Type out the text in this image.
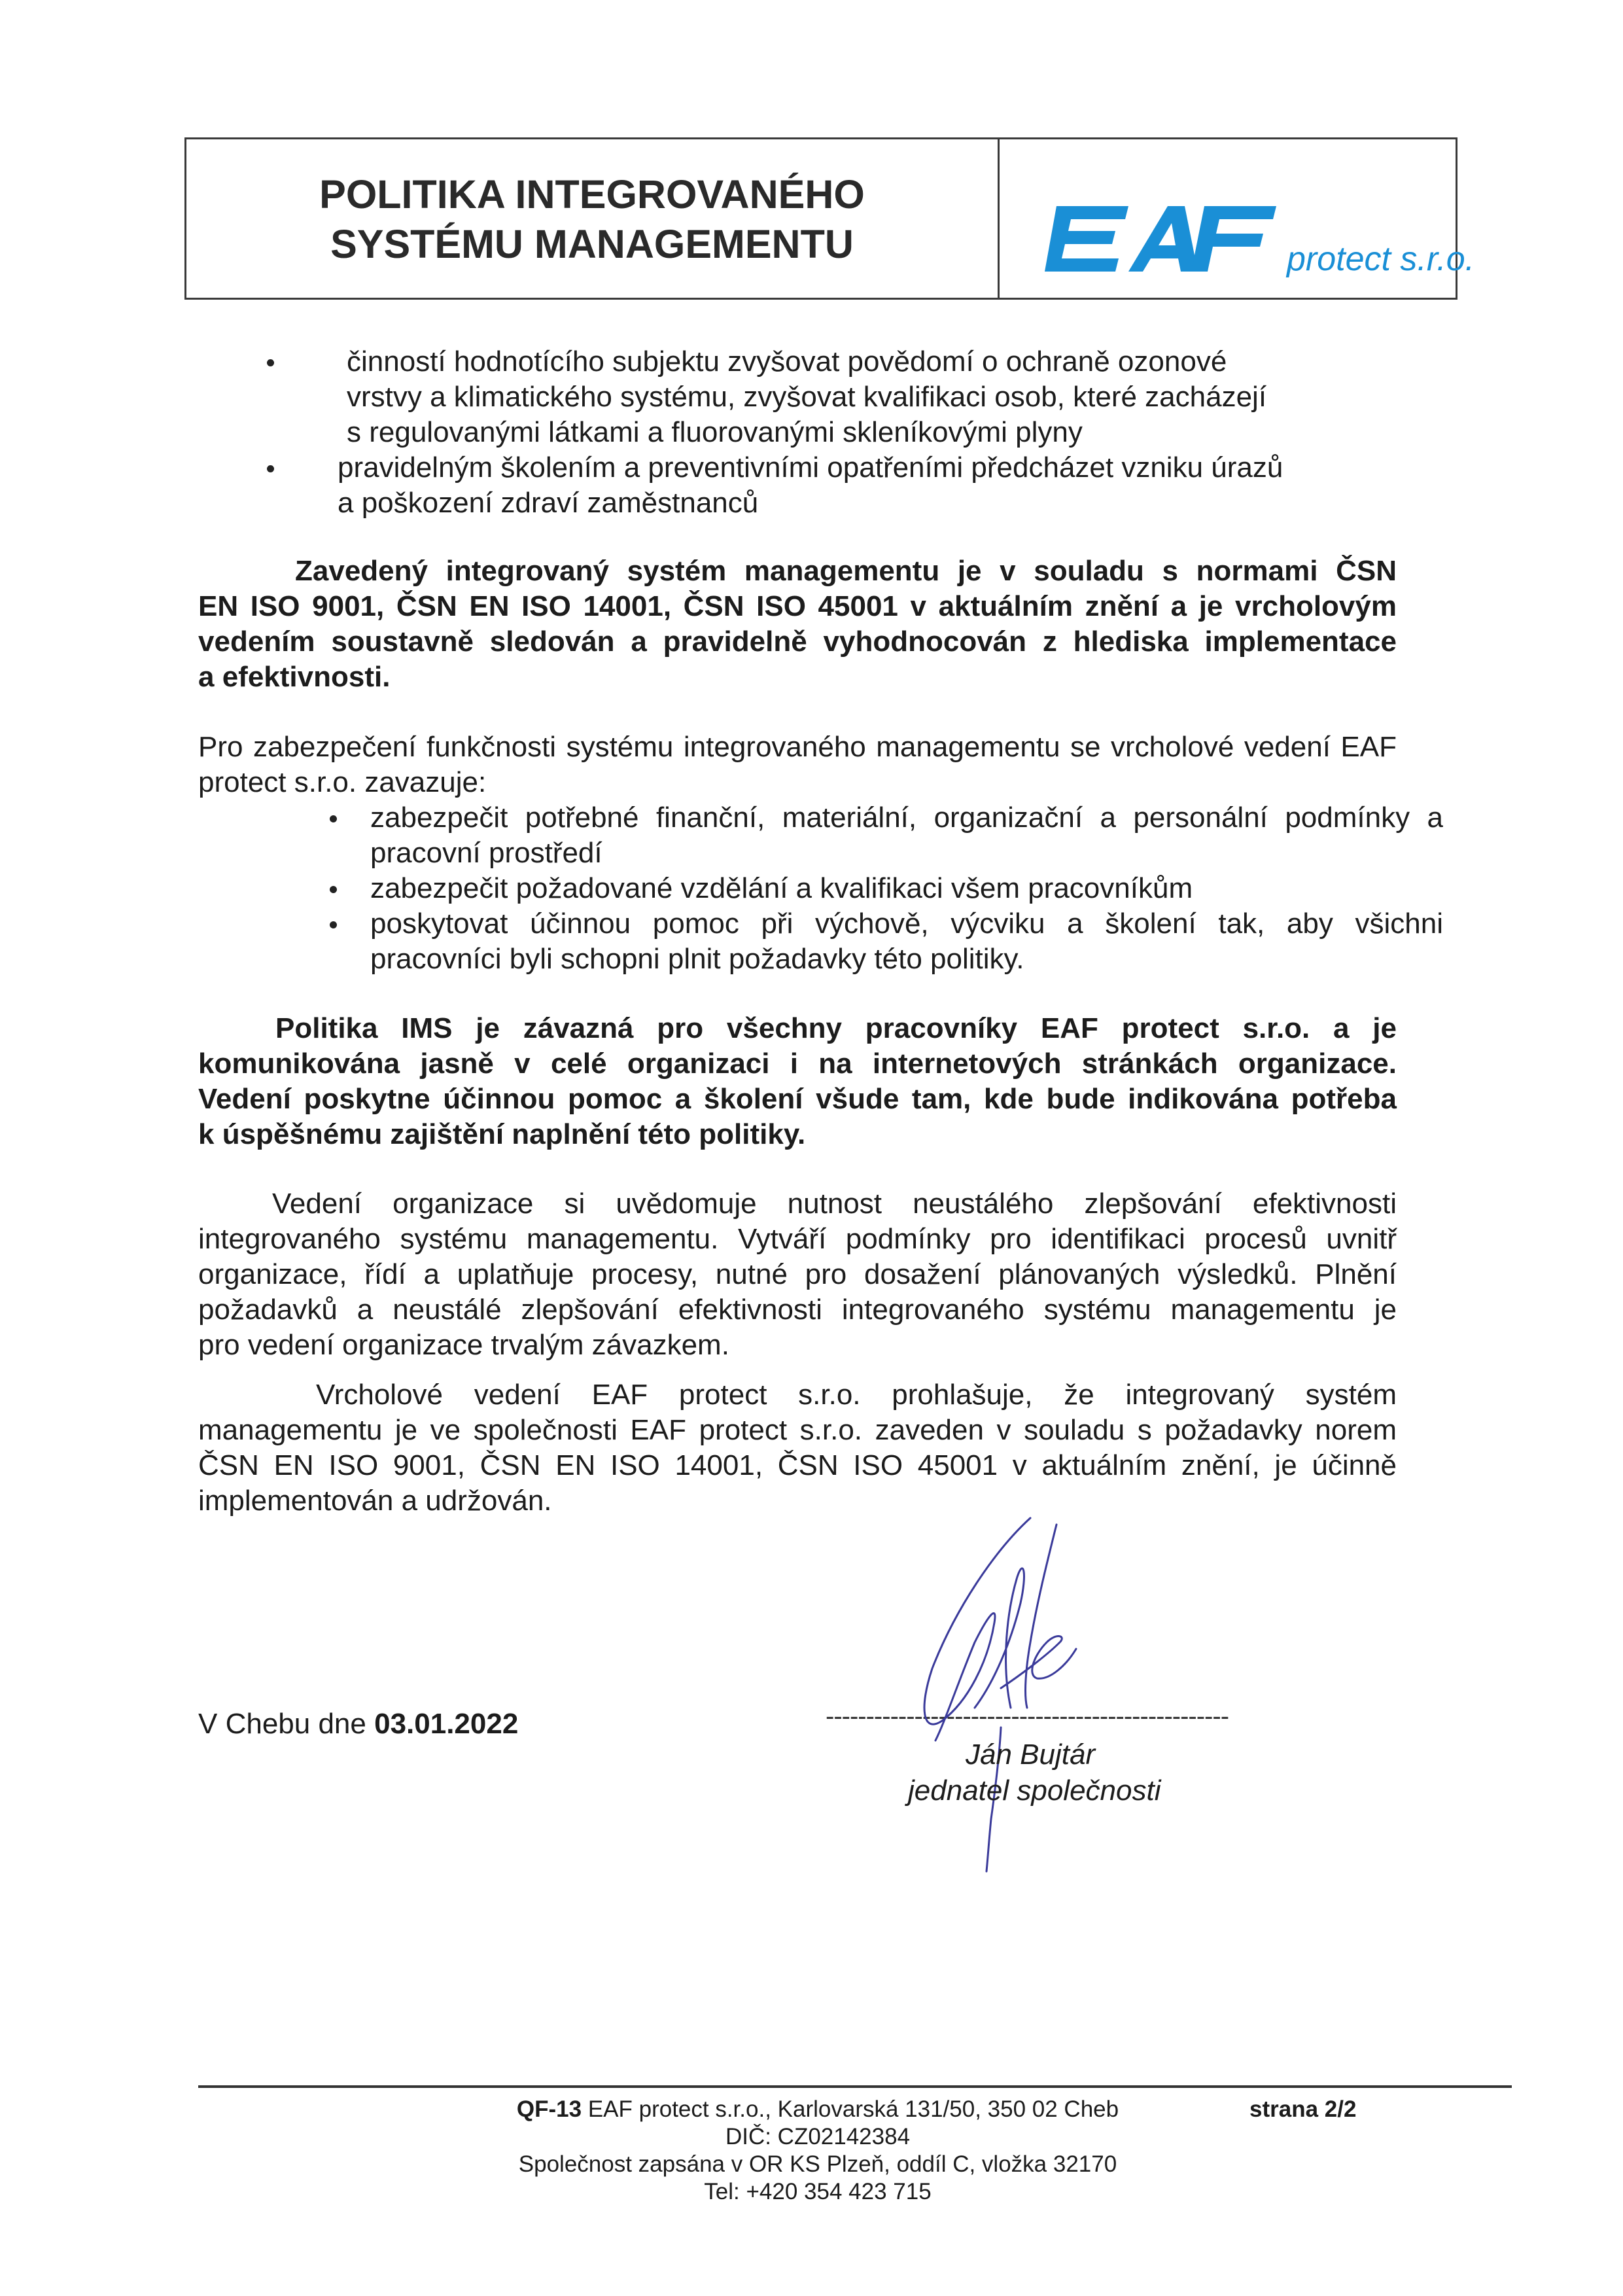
POLITIKA INTEGROVANÉHO
SYSTÉMU MANAGEMENTU	protect s.r.o.
činností hodnotícího subjektu zvyšovat povědomí o ochraně ozonové
vrstvy a klimatického systému, zvyšovat kvalifikaci osob, které zacházejí
s regulovanými látkami a fluorovanými skleníkovými plyny
pravidelným školením a preventivními opatřeními předcházet vzniku úrazů
a poškození zdraví zaměstnanců
Zavedený integrovaný systém managementu je v souladu s normami ČSN
EN ISO 9001, ČSN EN ISO 14001, ČSN ISO 45001 v aktuálním znění a je vrcholovým
vedením soustavně sledován a pravidelně vyhodnocován z hlediska implementace
a efektivnosti.
Pro zabezpečení funkčnosti systému integrovaného managementu se vrcholové vedení EAF
protect s.r.o. zavazuje:
zabezpečit potřebné finanční, materiální, organizační a personální podmínky a
pracovní prostředí
zabezpečit požadované vzdělání a kvalifikaci všem pracovníkům
poskytovat účinnou pomoc při výchově, výcviku a školení tak, aby všichni
pracovníci byli schopni plnit požadavky této politiky.
Politika IMS je závazná pro všechny pracovníky EAF protect s.r.o. a je
komunikována jasně v celé organizaci i na internetových stránkách organizace.
Vedení poskytne účinnou pomoc a školení všude tam, kde bude indikována potřeba
k úspěšnému zajištění naplnění této politiky.
Vedení organizace si uvědomuje nutnost neustálého zlepšování efektivnosti
integrovaného systému managementu. Vytváří podmínky pro identifikaci procesů uvnitř
organizace, řídí a uplatňuje procesy, nutné pro dosažení plánovaných výsledků. Plnění
požadavků a neustálé zlepšování efektivnosti integrovaného systému managementu je
pro vedení organizace trvalým závazkem.
Vrcholové vedení EAF protect s.r.o. prohlašuje, že integrovaný systém
managementu je ve společnosti EAF protect s.r.o. zaveden v souladu s požadavky norem
ČSN EN ISO 9001, ČSN EN ISO 14001, ČSN ISO 45001 v aktuálním znění, je účinně
implementován a udržován.
V Chebu dne 03.01.2022	--------------------------------------------------
Ján Bujtár
jednatel společnosti
QF-13 EAF protect s.r.o., Karlovarská 131/50, 350 02 Cheb
DIČ: CZ02142384
Společnost zapsána v OR KS Plzeň, oddíl C, vložka 32170
Tel: +420 354 423 715
strana 2/2
